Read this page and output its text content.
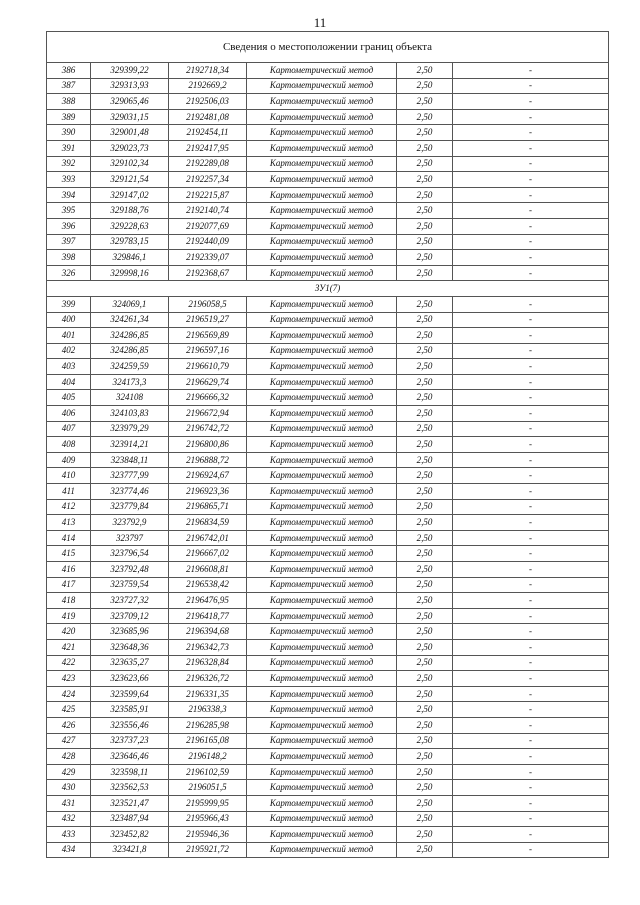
11
Сведения о местоположении границ объекта					
386	329399,22	2192718,34	Картометрический метод	2,50	-
387	329313,93	2192669,2	Картометрический метод	2,50	-
388	329065,46	2192506,03	Картометрический метод	2,50	-
389	329031,15	2192481,08	Картометрический метод	2,50	-
390	329001,48	2192454,11	Картометрический метод	2,50	-
391	329023,73	2192417,95	Картометрический метод	2,50	-
392	329102,34	2192289,08	Картометрический метод	2,50	-
393	329121,54	2192257,34	Картометрический метод	2,50	-
394	329147,02	2192215,87	Картометрический метод	2,50	-
395	329188,76	2192140,74	Картометрический метод	2,50	-
396	329228,63	2192077,69	Картометрический метод	2,50	-
397	329783,15	2192440,09	Картометрический метод	2,50	-
398	329846,1	2192339,07	Картометрический метод	2,50	-
326	329998,16	2192368,67	Картометрический метод	2,50	-
ЗУ1(7)					
399	324069,1	2196058,5	Картометрический метод	2,50	-
400	324261,34	2196519,27	Картометрический метод	2,50	-
401	324286,85	2196569,89	Картометрический метод	2,50	-
402	324286,85	2196597,16	Картометрический метод	2,50	-
403	324259,59	2196610,79	Картометрический метод	2,50	-
404	324173,3	2196629,74	Картометрический метод	2,50	-
405	324108	2196666,32	Картометрический метод	2,50	-
406	324103,83	2196672,94	Картометрический метод	2,50	-
407	323979,29	2196742,72	Картометрический метод	2,50	-
408	323914,21	2196800,86	Картометрический метод	2,50	-
409	323848,11	2196888,72	Картометрический метод	2,50	-
410	323777,99	2196924,67	Картометрический метод	2,50	-
411	323774,46	2196923,36	Картометрический метод	2,50	-
412	323779,84	2196865,71	Картометрический метод	2,50	-
413	323792,9	2196834,59	Картометрический метод	2,50	-
414	323797	2196742,01	Картометрический метод	2,50	-
415	323796,54	2196667,02	Картометрический метод	2,50	-
416	323792,48	2196608,81	Картометрический метод	2,50	-
417	323759,54	2196538,42	Картометрический метод	2,50	-
418	323727,32	2196476,95	Картометрический метод	2,50	-
419	323709,12	2196418,77	Картометрический метод	2,50	-
420	323685,96	2196394,68	Картометрический метод	2,50	-
421	323648,36	2196342,73	Картометрический метод	2,50	-
422	323635,27	2196328,84	Картометрический метод	2,50	-
423	323623,66	2196326,72	Картометрический метод	2,50	-
424	323599,64	2196331,35	Картометрический метод	2,50	-
425	323585,91	2196338,3	Картометрический метод	2,50	-
426	323556,46	2196285,98	Картометрический метод	2,50	-
427	323737,23	2196165,08	Картометрический метод	2,50	-
428	323646,46	2196148,2	Картометрический метод	2,50	-
429	323598,11	2196102,59	Картометрический метод	2,50	-
430	323562,53	2196051,5	Картометрический метод	2,50	-
431	323521,47	2195999,95	Картометрический метод	2,50	-
432	323487,94	2195966,43	Картометрический метод	2,50	-
433	323452,82	2195946,36	Картометрический метод	2,50	-
434	323421,8	2195921,72	Картометрический метод	2,50	-
